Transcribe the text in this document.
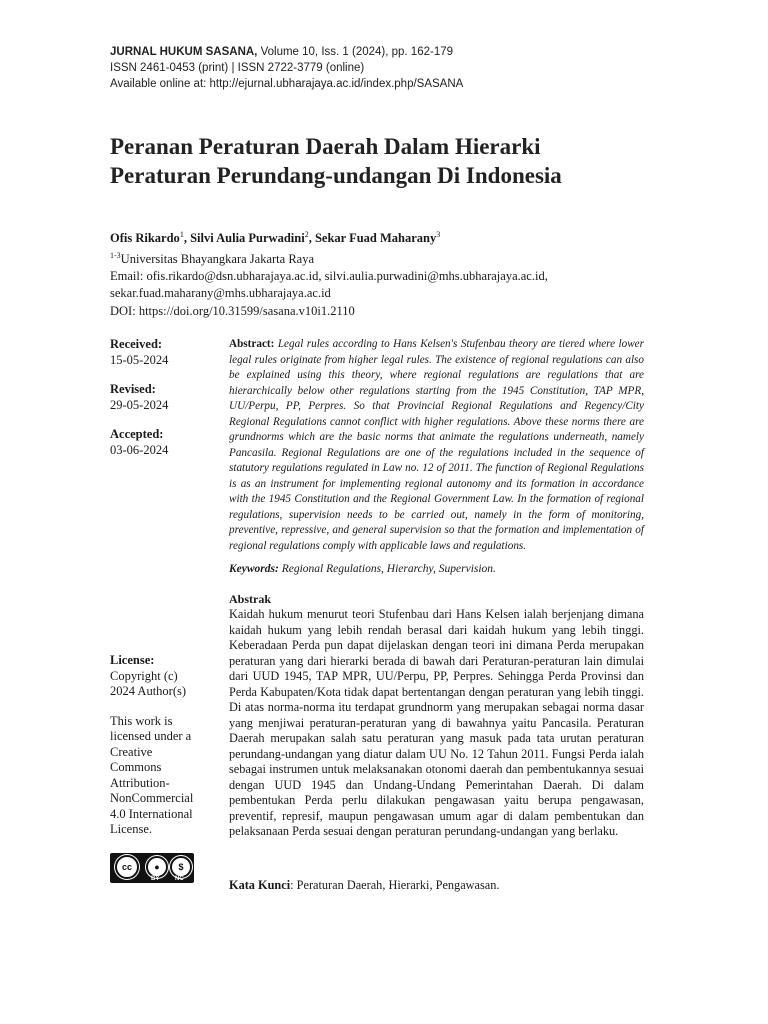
JURNAL HUKUM SASANA, Volume 10, Iss. 1 (2024), pp. 162-179
ISSN 2461-0453 (print) | ISSN 2722-3779 (online)
Available online at: http://ejurnal.ubharajaya.ac.id/index.php/SASANA
Peranan Peraturan Daerah Dalam Hierarki
Peraturan Perundang-undangan Di Indonesia
Ofis Rikardo$^1$, Silvi Aulia Purwadini$^2$, Sekar Fuad Maharany$^3$
$^{1-3}$Universitas Bhayangkara Jakarta Raya
Email: ofis.rikardo@dsn.ubharajaya.ac.id, silvi.aulia.purwadini@mhs.ubharajaya.ac.id,
sekar.fuad.maharany@mhs.ubharajaya.ac.id
DOI: https://doi.org/10.31599/sasana.v10i1.2110
Received:
15-05-2024
Revised:
29-05-2024
Accepted:
03-06-2024
License:
Copyright (c)
2024 Author(s)
This work is
licensed under a
Creative
Commons
Attribution-
NonCommercial
4.0 International
License.
cc	●	$
BY	NC
Abstract: Legal rules according to Hans Kelsen's Stufenbau theory are tiered where lower legal rules originate from higher legal rules. The existence of regional regulations can also be explained using this theory, where regional regulations are regulations that are hierarchically below other regulations starting from the 1945 Constitution, TAP MPR, UU/Perpu, PP, Perpres. So that Provincial Regional Regulations and Regency/City Regional Regulations cannot conflict with higher regulations. Above these norms there are grundnorms which are the basic norms that animate the regulations underneath, namely Pancasila. Regional Regulations are one of the regulations included in the sequence of statutory regulations regulated in Law no. 12 of 2011. The function of Regional Regulations is as an instrument for implementing regional autonomy and its formation in accordance with the 1945 Constitution and the Regional Government Law. In the formation of regional regulations, supervision needs to be carried out, namely in the form of monitoring, preventive, repressive, and general supervision so that the formation and implementation of regional regulations comply with applicable laws and regulations.
Keywords: Regional Regulations, Hierarchy, Supervision.
Abstrak
Kaidah hukum menurut teori Stufenbau dari Hans Kelsen ialah berjenjang dimana kaidah hukum yang lebih rendah berasal dari kaidah hukum yang lebih tinggi. Keberadaan Perda pun dapat dijelaskan dengan teori ini dimana Perda merupakan peraturan yang dari hierarki berada di bawah dari Peraturan-peraturan lain dimulai dari UUD 1945, TAP MPR, UU/Perpu, PP, Perpres. Sehingga Perda Provinsi dan Perda Kabupaten/Kota tidak dapat bertentangan dengan peraturan yang lebih tinggi. Di atas norma-norma itu terdapat grundnorm yang merupakan sebagai norma dasar yang menjiwai peraturan-peraturan yang di bawahnya yaitu Pancasila. Peraturan Daerah merupakan salah satu peraturan yang masuk pada tata urutan peraturan perundang-undangan yang diatur dalam UU No. 12 Tahun 2011. Fungsi Perda ialah sebagai instrumen untuk melaksanakan otonomi daerah dan pembentukannya sesuai dengan UUD 1945 dan Undang-Undang Pemerintahan Daerah. Di dalam pembentukan Perda perlu dilakukan pengawasan yaitu berupa pengawasan, preventif, represif, maupun pengawasan umum agar di dalam pembentukan dan pelaksanaan Perda sesuai dengan peraturan perundang-undangan yang berlaku.
Kata Kunci: Peraturan Daerah, Hierarki, Pengawasan.
